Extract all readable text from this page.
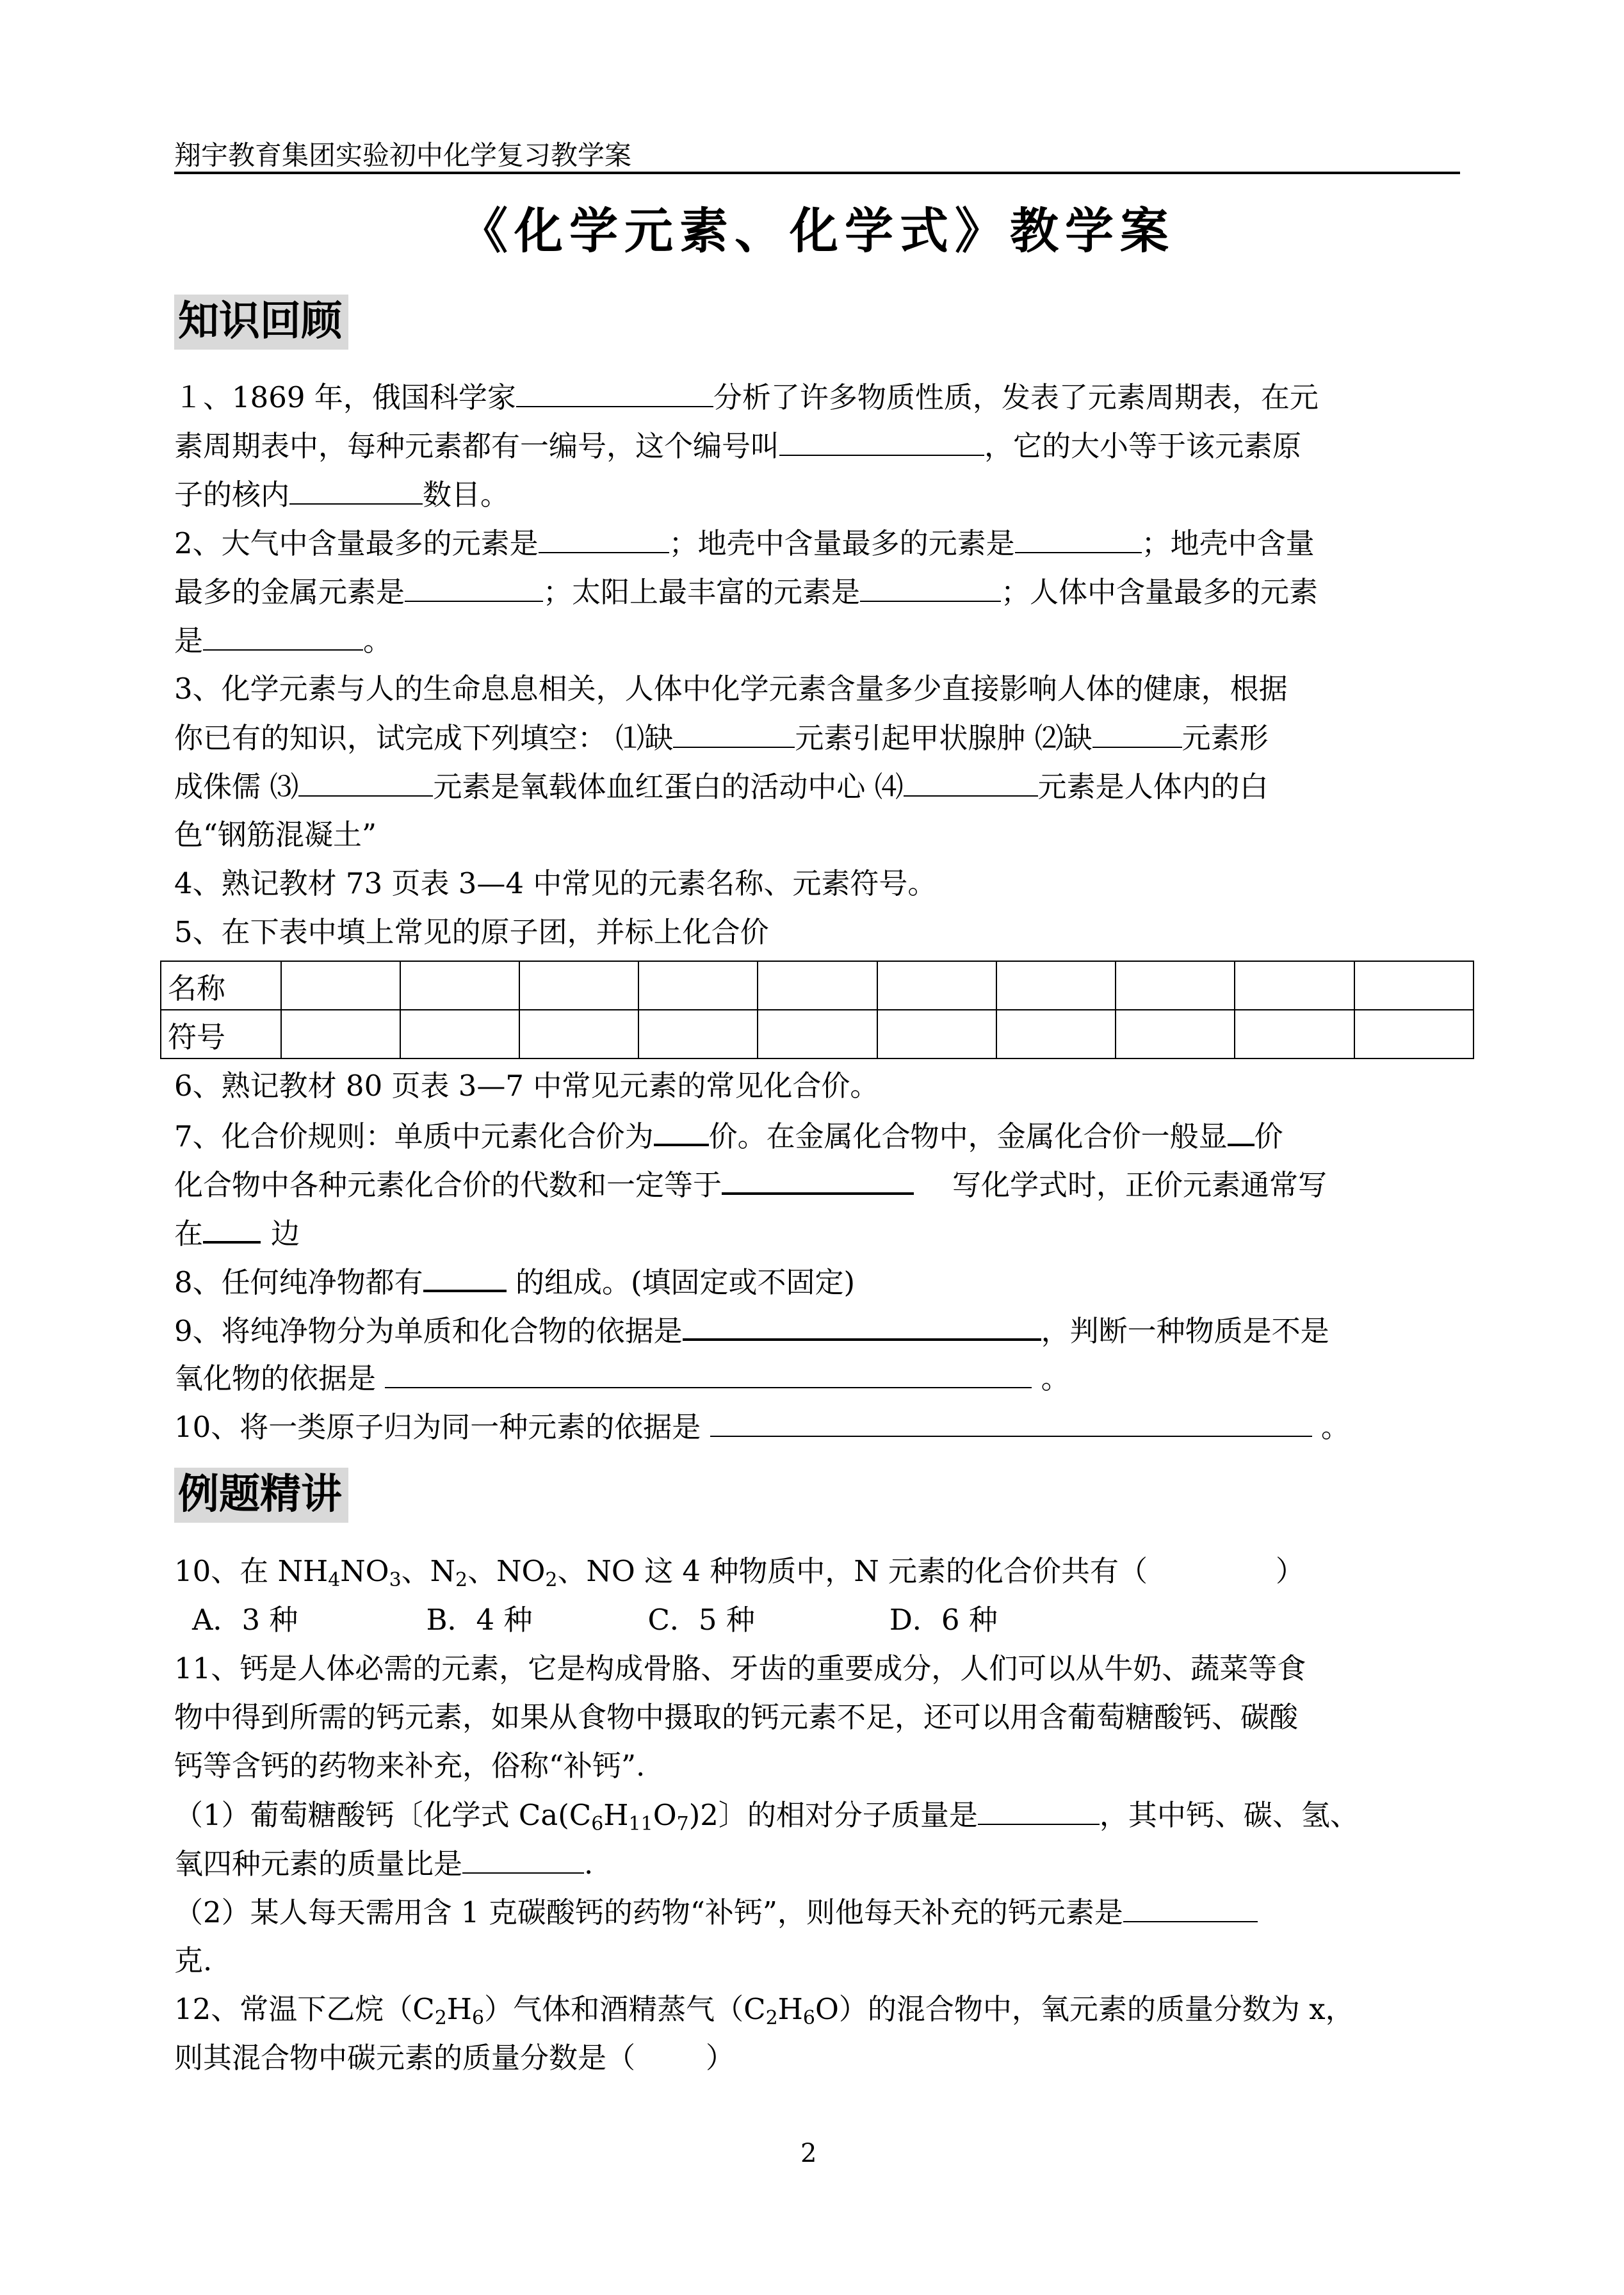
翔宇教育集团实验初中化学复习教学案
《化学元素、化学式》教学案
知识回顾
１、1869 年，俄国科学家	分析了许多物质性质，发表了元素周期表，在元
素周期表中，每种元素都有一编号，这个编号叫	，它的大小等于该元素原
子的核内	数目。
2、大气中含量最多的元素是	；地壳中含量最多的元素是	；地壳中含量
最多的金属元素是	；太阳上最丰富的元素是	；人体中含量最多的元素
是	。
3、化学元素与人的生命息息相关，人体中化学元素含量多少直接影响人体的健康，根据
你已有的知识，试完成下列填空： ⑴缺	元素引起甲状腺肿 ⑵缺	元素形
成侏儒 ⑶	元素是氧载体血红蛋白的活动中心 ⑷	元素是人体内的白
色“钢筋混凝土”
4、熟记教材 73 页表 3—4 中常见的元素名称、元素符号。
5、在下表中填上常见的原子团，并标上化合价
名称										
符号										
6、熟记教材 80 页表 3—7 中常见元素的常见化合价。
7、化合价规则：单质中元素化合价为 价。在金属化合物中，金属化合价一般显 价
化合物中各种元素化合价的代数和一定等于	写化学式时，正价元素通常写
在 边
8、任何纯净物都有	的组成。(填固定或不固定)
9、将纯净物分为单质和化合物的依据是	，判断一种物质是不是
氧化物的依据是	。
10、将一类原子归为同一种元素的依据是	。
例题精讲
10、在 $NH_4NO_3$、$N_2$、$NO_2$、NO 这 4 种物质中，N 元素的化合价共有（	）
A．3 种	B．4 种	C．5 种	D．6 种
11、钙是人体必需的元素，它是构成骨胳、牙齿的重要成分，人们可以从牛奶、蔬菜等食
物中得到所需的钙元素，如果从食物中摄取的钙元素不足，还可以用含葡萄糖酸钙、碳酸
钙等含钙的药物来补充，俗称“补钙”.
（1）葡萄糖酸钙〔化学式 $Ca(C_6H_{11}O_7)2$〕的相对分子质量是	，其中钙、碳、氢、
氧四种元素的质量比是	.
（2）某人每天需用含 1 克碳酸钙的药物“补钙”，则他每天补充的钙元素是
克.
12、常温下乙烷$(C_2H_6)$气体和酒精蒸气$(C_2H_6O)$的混合物中，氧元素的质量分数为 x，
则其混合物中碳元素的质量分数是（ ）
2
